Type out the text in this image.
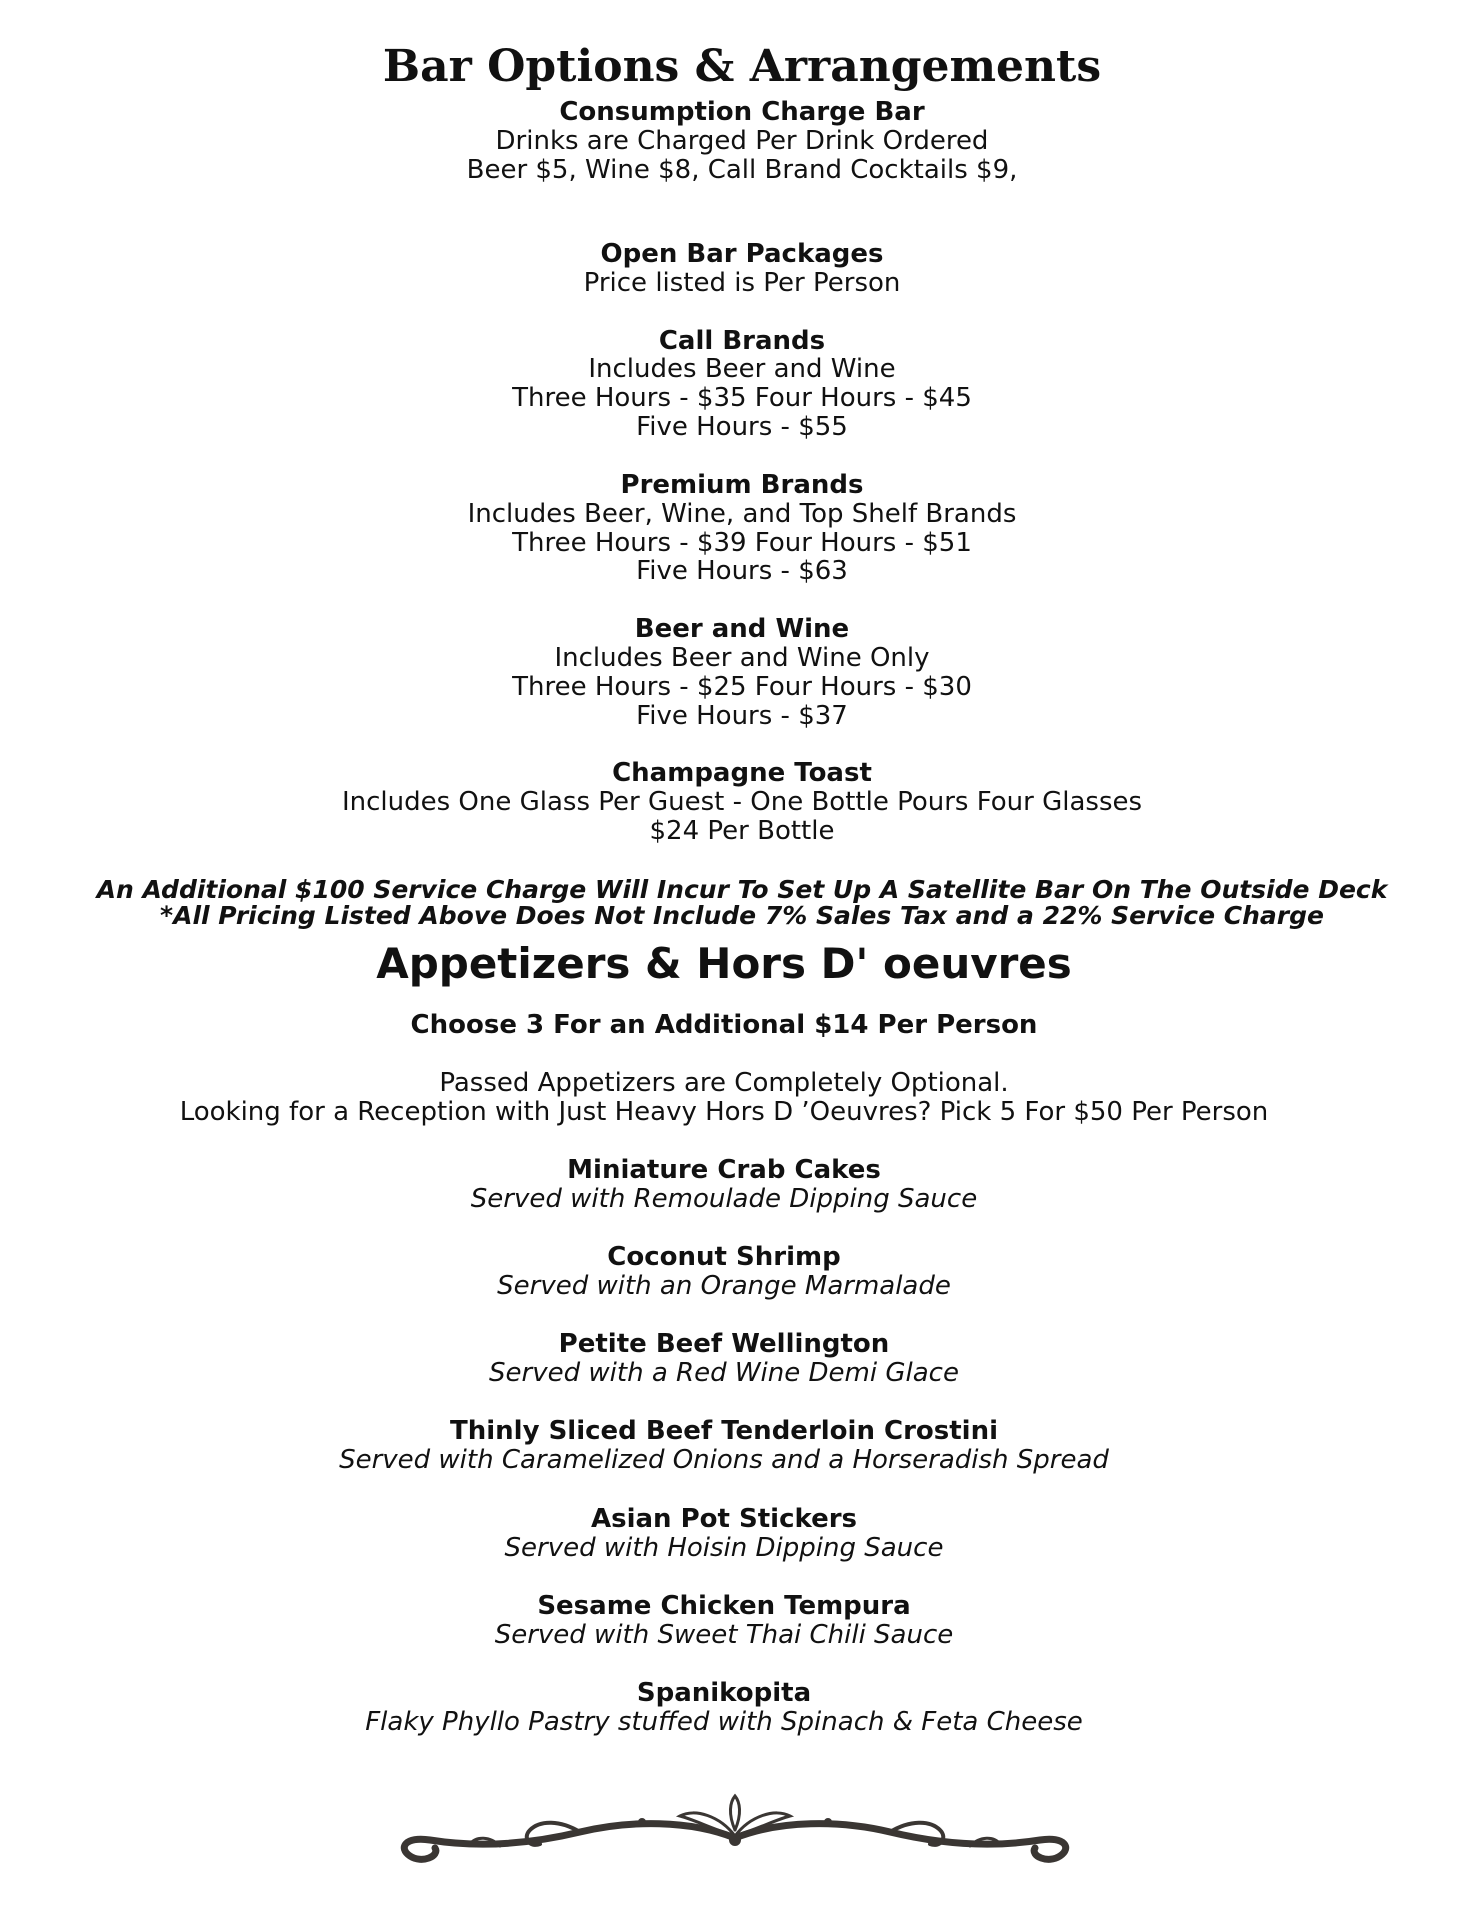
Bar Options & Arrangements
Consumption Charge Bar
Drinks are Charged Per Drink Ordered
Beer $5, Wine $8, Call Brand Cocktails $9,
Open Bar Packages
Price listed is Per Person
Call Brands
Includes Beer and Wine
Three Hours - $35 Four Hours - $45
Five Hours - $55
Premium Brands
Includes Beer, Wine, and Top Shelf Brands
Three Hours - $39 Four Hours - $51
Five Hours - $63
Beer and Wine
Includes Beer and Wine Only
Three Hours - $25 Four Hours - $30
Five Hours - $37
Champagne Toast
Includes One Glass Per Guest - One Bottle Pours Four Glasses
$24 Per Bottle
An Additional $100 Service Charge Will Incur To Set Up A Satellite Bar On The Outside Deck
*All Pricing Listed Above Does Not Include 7% Sales Tax and a 22% Service Charge
Appetizers & Hors D' oeuvres
Choose 3 For an Additional $14 Per Person
Passed Appetizers are Completely Optional.
Looking for a Reception with Just Heavy Hors D ’Oeuvres? Pick 5 For $50 Per Person
Miniature Crab Cakes
Served with Remoulade Dipping Sauce
Coconut Shrimp
Served with an Orange Marmalade
Petite Beef Wellington
Served with a Red Wine Demi Glace
Thinly Sliced Beef Tenderloin Crostini
Served with Caramelized Onions and a Horseradish Spread
Asian Pot Stickers
Served with Hoisin Dipping Sauce
Sesame Chicken Tempura
Served with Sweet Thai Chili Sauce
Spanikopita
Flaky Phyllo Pastry stuffed with Spinach & Feta Cheese
